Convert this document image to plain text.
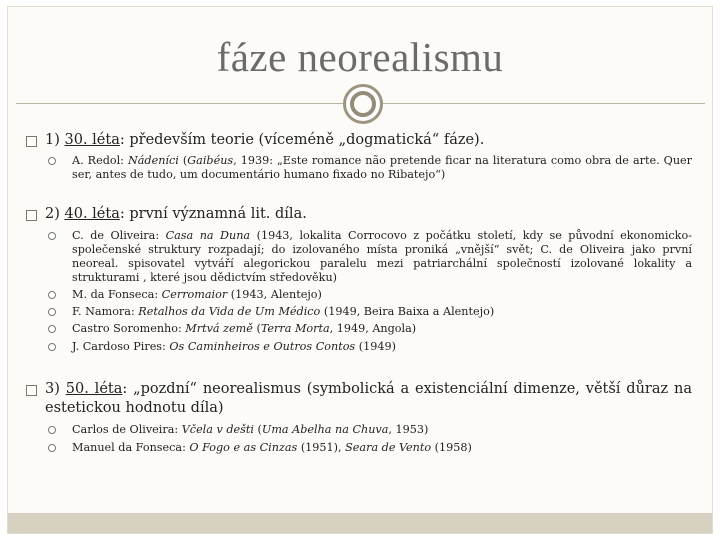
fáze neorealismu
1) 30. léta: především teorie (víceméně „dogmatická“ fáze).
A. Redol: Nádeníci (Gaibéus, 1939: „Este romance não pretende ficar na literatura como obra de arte. Quer ser, antes de tudo, um documentário humano fixado no Ribatejo“)
2) 40. léta: první významná lit. díla.
C. de Oliveira: Casa na Duna (1943, lokalita Corrocovo z počátku století, kdy se původní ekonomicko-společenské struktury rozpadají; do izolovaného místa proniká „vnější“ svět; C. de Oliveira jako první neoreal. spisovatel vytváří alegorickou paralelu mezi patriarchální společností izolované lokality a strukturami , které jsou dědictvím středověku)
M. da Fonseca: Cerromaior (1943, Alentejo)
F. Namora: Retalhos da Vida de Um Médico (1949, Beira Baixa a Alentejo)
Castro Soromenho: Mrtvá země (Terra Morta, 1949, Angola)
J. Cardoso Pires: Os Caminheiros e Outros Contos (1949)
3) 50. léta: „pozdní“ neorealismus (symbolická a existenciální dimenze, větší důraz na estetickou hodnotu díla)
Carlos de Oliveira: Včela v dešti (Uma Abelha na Chuva, 1953)
Manuel da Fonseca: O Fogo e as Cinzas (1951), Seara de Vento (1958)
